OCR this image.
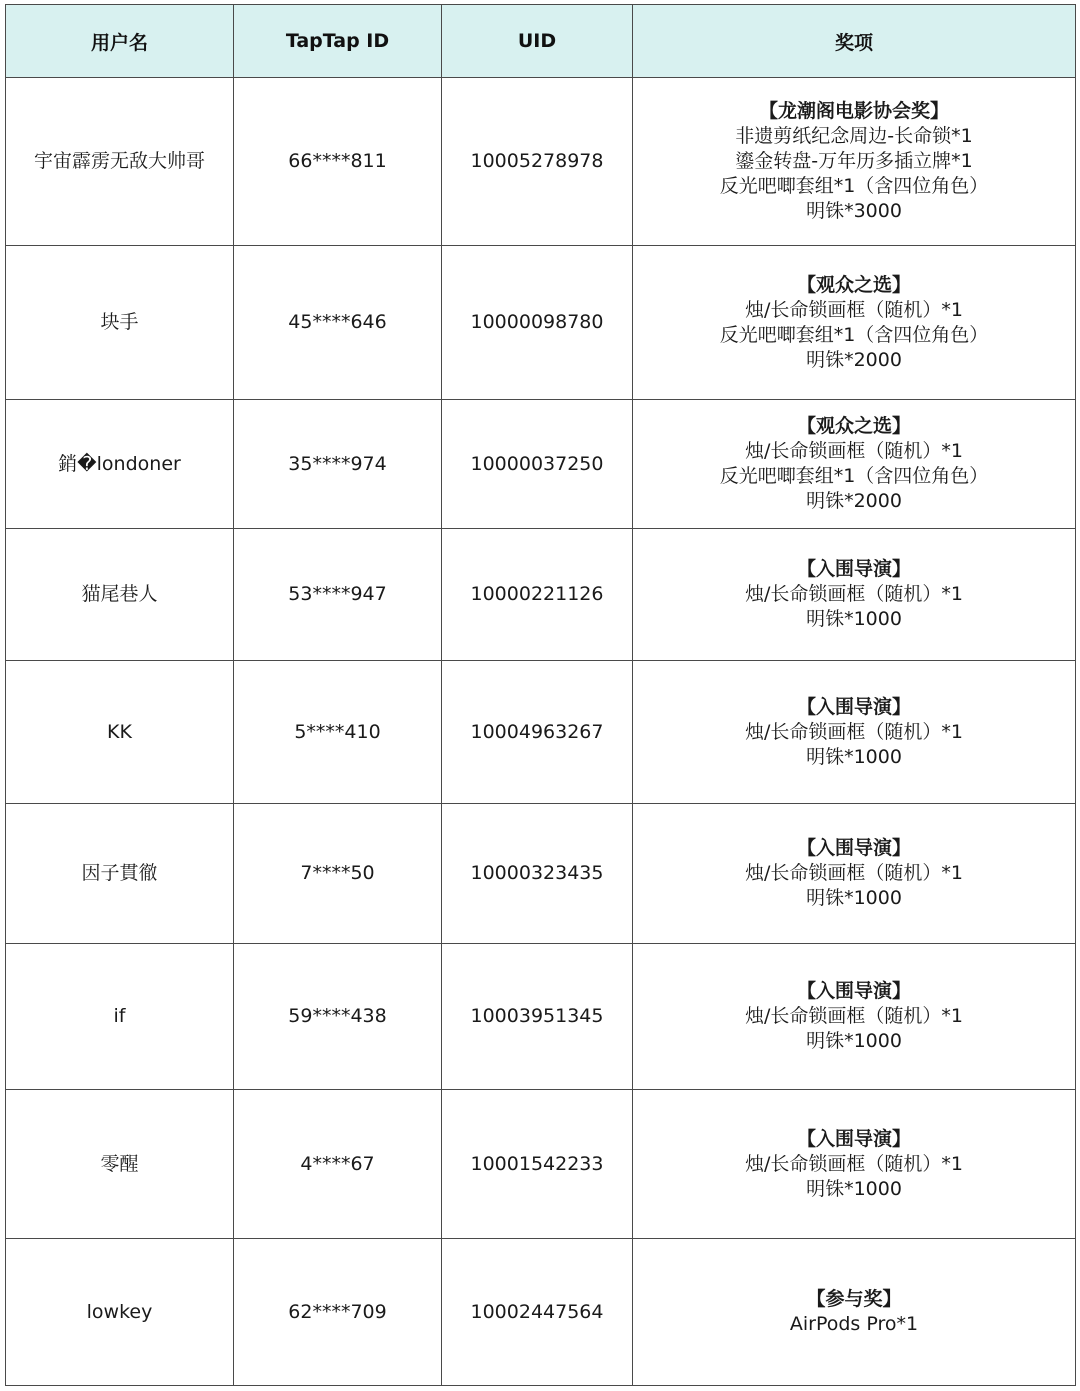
用户名	TapTap ID	UID	奖项
宇宙霹雳无敌大帅哥	66****811	10005278978	【龙潮阁电影协会奖】
非遗剪纸纪念周边-长命锁*1
鎏金转盘-万年历多插立牌*1
反光吧唧套组*1（含四位角色）
明铢*3000

块手	45****646	10000098780	【观众之选】
烛/长命锁画框（随机）*1
反光吧唧套组*1（含四位角色）
明铢*2000

銷�londoner	35****974	10000037250	【观众之选】
烛/长命锁画框（随机）*1
反光吧唧套组*1（含四位角色）
明铢*2000

猫尾巷人	53****947	10000221126	【入围导演】
烛/长命锁画框（随机）*1
明铢*1000

KK	5****410	10004963267	【入围导演】
烛/长命锁画框（随机）*1
明铢*1000

因子貫徹	7****50	10000323435	【入围导演】
烛/长命锁画框（随机）*1
明铢*1000

if	59****438	10003951345	【入围导演】
烛/长命锁画框（随机）*1
明铢*1000

零醒	4****67	10001542233	【入围导演】
烛/长命锁画框（随机）*1
明铢*1000

lowkey	62****709	10002447564	【参与奖】
AirPods Pro*1
